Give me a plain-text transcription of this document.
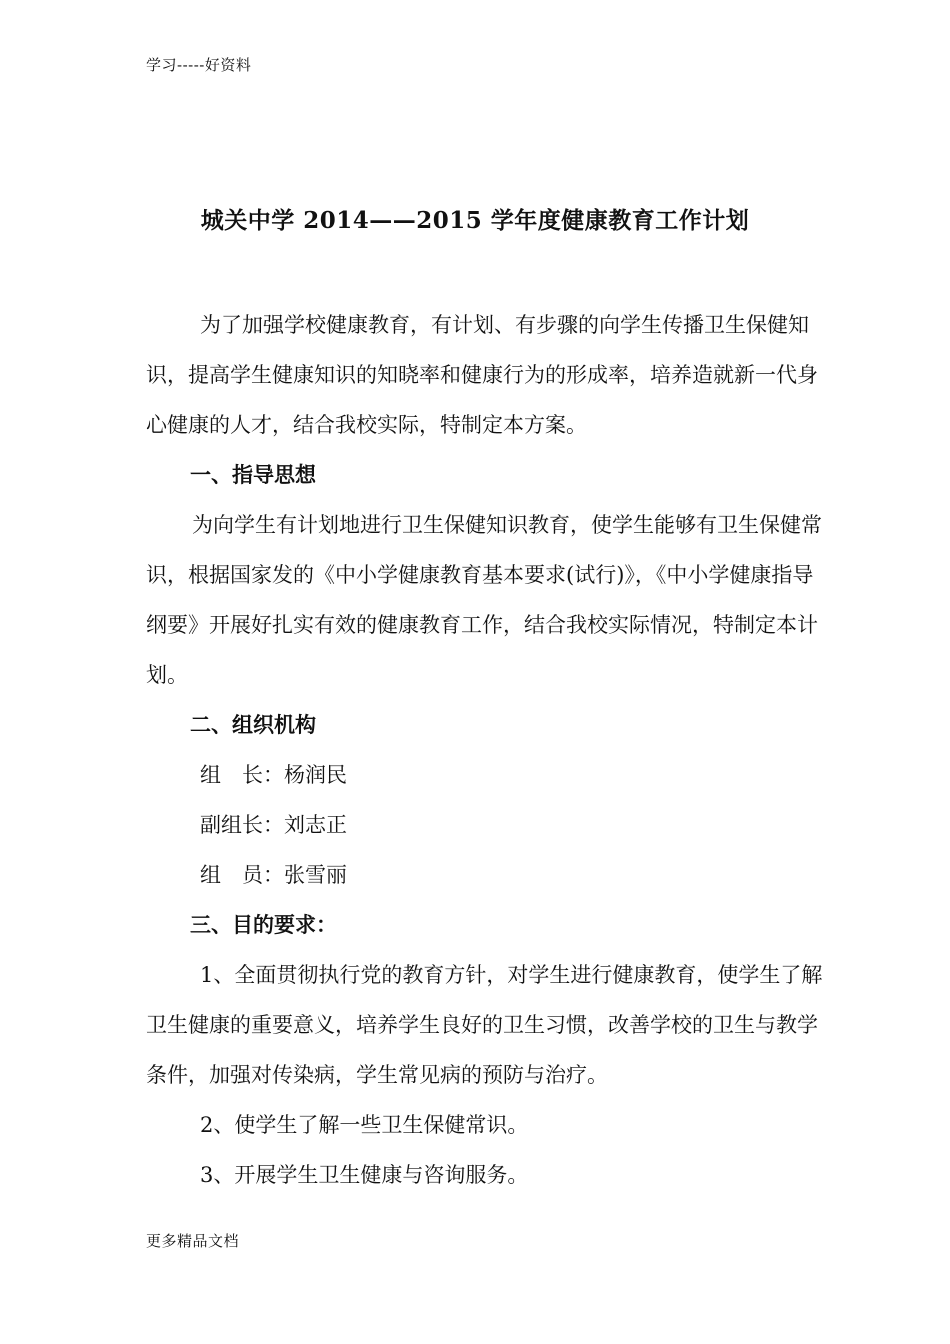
学习-----好资料
城关中学 2014——2015 学年度健康教育工作计划

为了加强学校健康教育，有计划、有步骤的向学生传播卫生保健知识，提高学生健康知识的知晓率和健康行为的形成率，培养造就新一代身心健康的人才，结合我校实际，特制定本方案。

一、指导思想

为向学生有计划地进行卫生保健知识教育，使学生能够有卫生保健常识，根据国家发的《中小学健康教育基本要求(试行)》，《中小学健康指导纲要》开展好扎实有效的健康教育工作，结合我校实际情况，特制定本计划。

二、组织机构

组　长：杨润民

副组长：刘志正

组　员：张雪丽

三、目的要求：

1、全面贯彻执行党的教育方针，对学生进行健康教育，使学生了解卫生健康的重要意义，培养学生良好的卫生习惯，改善学校的卫生与教学条件，加强对传染病，学生常见病的预防与治疗。

2、使学生了解一些卫生保健常识。

3、开展学生卫生健康与咨询服务。

更多精品文档
